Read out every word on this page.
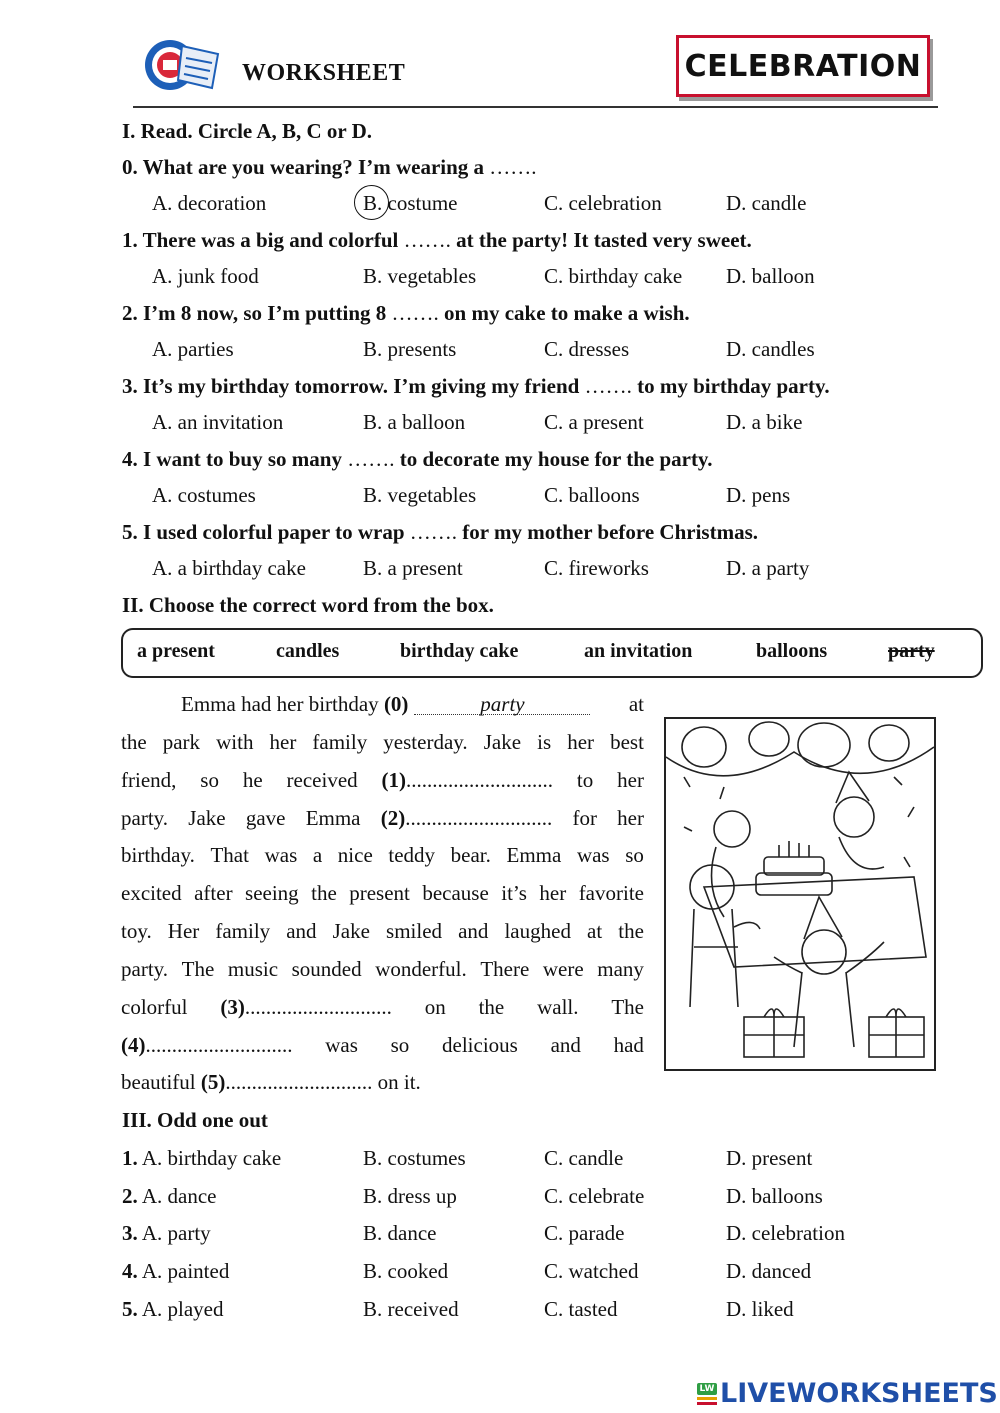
WORKSHEET	CELEBRATION
I. Read. Circle A, B, C or D.
0. What are you wearing? I’m wearing a …….
A. decoration	B. costume	C. celebration	D. candle
1. There was a big and colorful ……. at the party! It tasted very sweet.
A. junk food	B. vegetables	C. birthday cake D. balloon
2. I’m 8 now, so I’m putting 8 ……. on my cake to make a wish.
A. parties	B. presents	C. dresses	D. candles
3. It’s my birthday tomorrow. I’m giving my friend ……. to my birthday party.
A. an invitation	B. a balloon	C. a present	D. a bike
4. I want to buy so many ……. to decorate my house for the party.
A. costumes	B. vegetables	C. balloons	D. pens
5. I used colorful paper to wrap ……. for my mother before Christmas.
A. a birthday cake	B. a present	C. fireworks	D. a party
II. Choose the correct word from the box.
a present	candles	birthday cake	an invitation	balloons	party
Emma had her birthday (0)	party	at
the park with her family yesterday. Jake is her best
friend, so he received (1)............................ to her
party. Jake gave Emma (2)............................ for her
birthday. That was a nice teddy bear. Emma was so
excited after seeing the present because it’s her favorite
toy. Her family and Jake smiled and laughed at the
party. The music sounded wonderful. There were many
colorful (3)............................ on the wall. The
(4)............................ was so delicious and had
beautiful (5)............................ on it.
III. Odd one out
1. A. birthday cake	B. costumes	C. candle	D. present
2. A. dance	B. dress up	C. celebrate	D. balloons
3. A. party	B. dance	C. parade	D. celebration
4. A. painted	B. cooked	C. watched	D. danced
5. A. played	B. received	C. tasted	D. liked
LW LIVEWORKSHEETS
